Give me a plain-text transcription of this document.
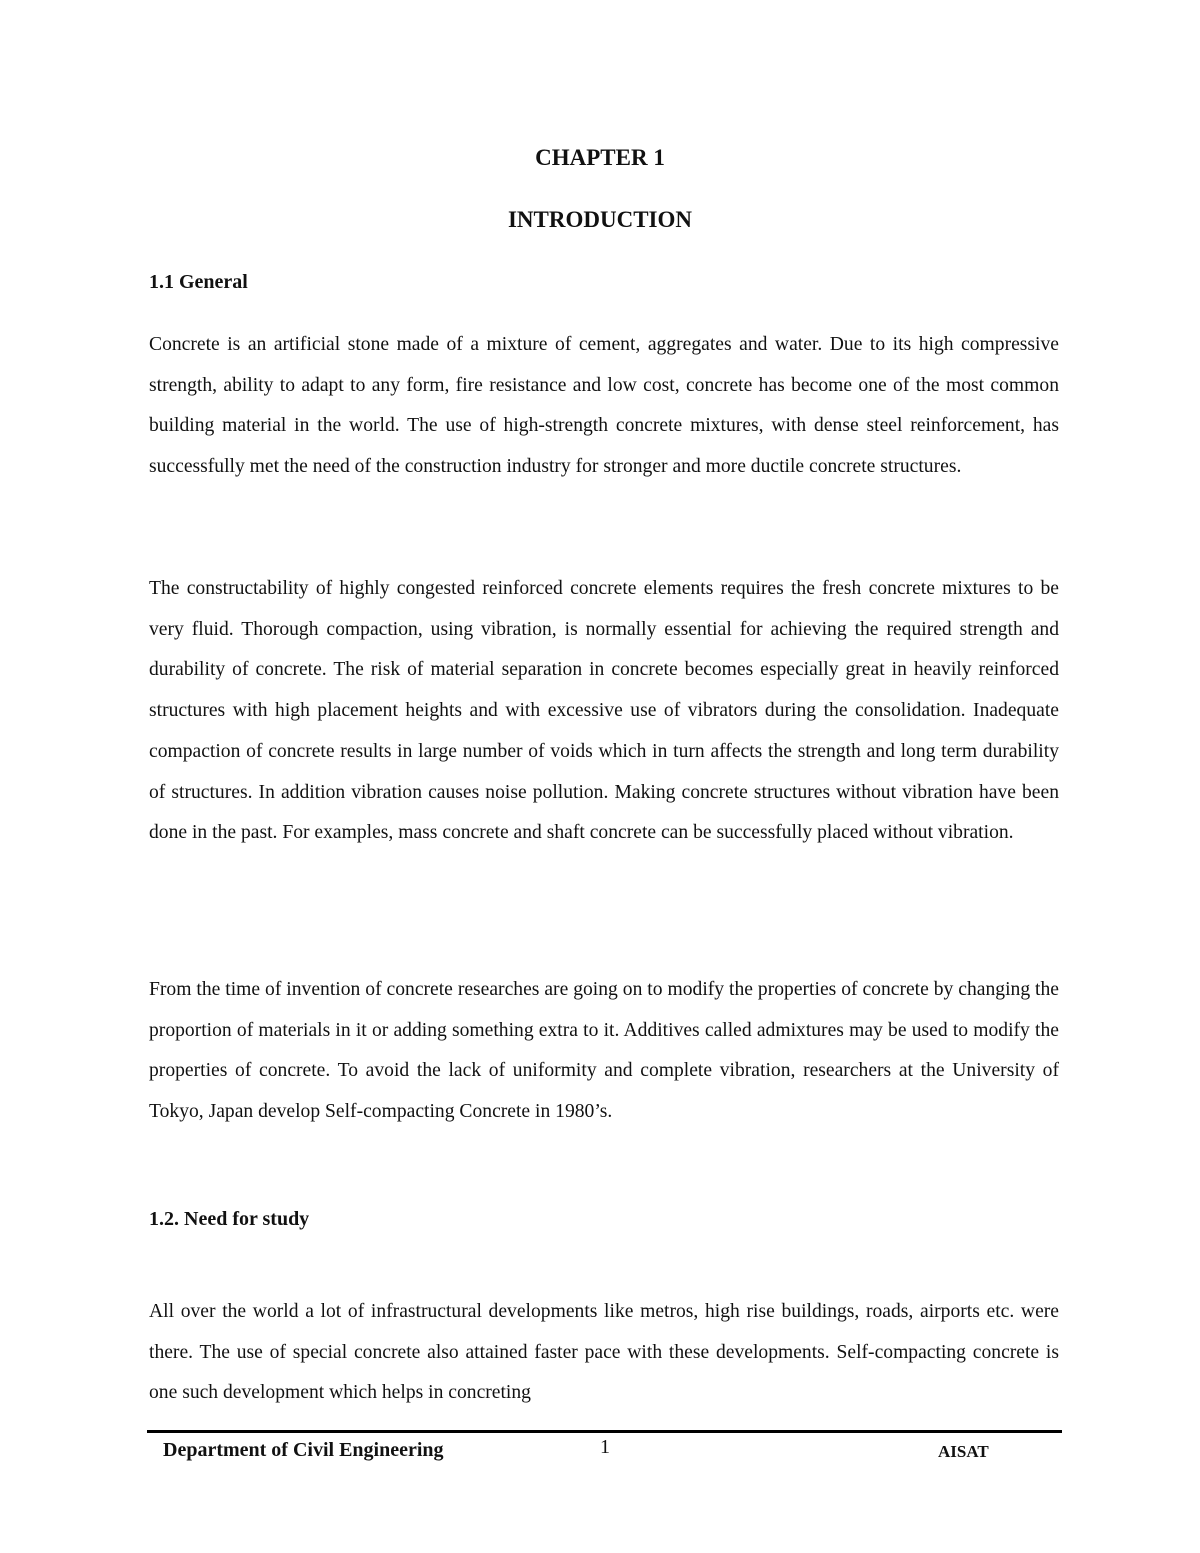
CHAPTER 1
INTRODUCTION
1.1 General

Concrete is an artificial stone made of a mixture of cement, aggregates and water. Due to its high compressive strength, ability to adapt to any form, fire resistance and low cost, concrete has become one of the most common building material in the world. The use of high-strength concrete mixtures, with dense steel reinforcement, has successfully met the need of the construction industry for stronger and more ductile concrete structures.

The constructability of highly congested reinforced concrete elements requires the fresh concrete mixtures to be very fluid. Thorough compaction, using vibration, is normally essential for achieving the required strength and durability of concrete. The risk of material separation in concrete becomes especially great in heavily reinforced structures with high placement heights and with excessive use of vibrators during the consolidation. Inadequate compaction of concrete results in large number of voids which in turn affects the strength and long term durability of structures. In addition vibration causes noise pollution. Making concrete structures without vibration have been done in the past. For examples, mass concrete and shaft concrete can be successfully placed without vibration.

From the time of invention of concrete researches are going on to modify the properties of concrete by changing the proportion of materials in it or adding something extra to it. Additives called admixtures may be used to modify the properties of concrete. To avoid the lack of uniformity and complete vibration, researchers at the University of Tokyo, Japan develop Self-compacting Concrete in 1980’s.

1.2. Need for study

All over the world a lot of infrastructural developments like metros, high rise buildings, roads, airports etc. were there. The use of special concrete also attained faster pace with these developments. Self-compacting concrete is one such development which helps in concreting

Department of Civil Engineering	1	AISAT
